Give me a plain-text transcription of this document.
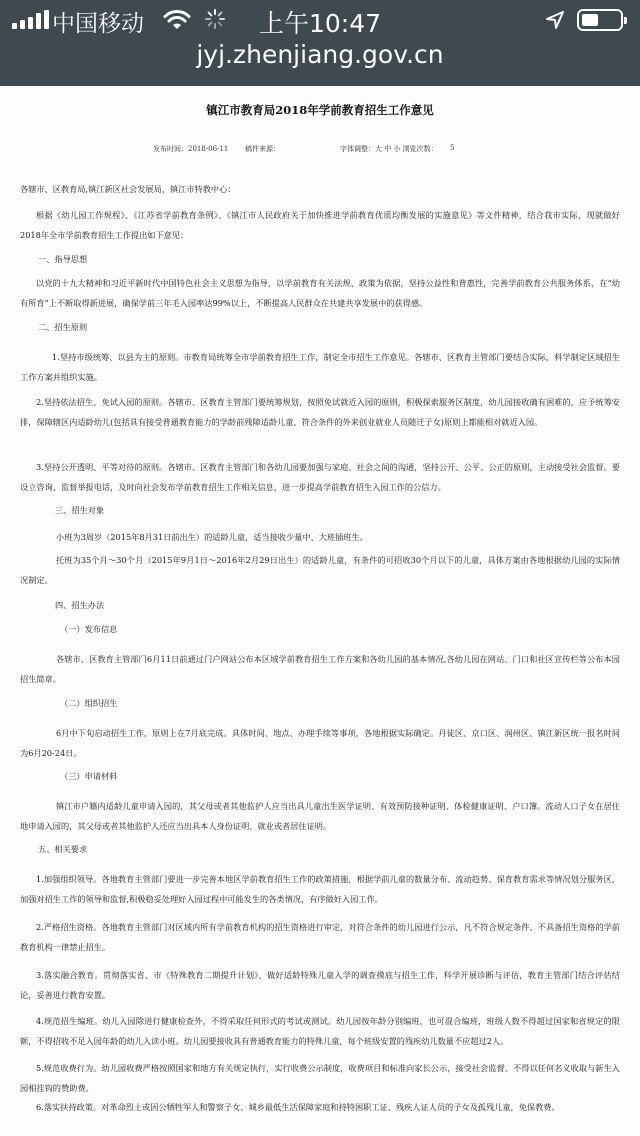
中国移动	上午10:47
jyj.zhenjiang.gov.cn
镇江市教育局2018年学前教育招生工作意见
发布时间：2018-06-11 稿件来源：	字体调整：大 中 小 浏览次数： 5

各辖市、区教育局,镇江新区社会发展局，镇江市特教中心：

根据《幼儿园工作规程》、《江苏省学前教育条例》、《镇江市人民政府关于加快推进学前教育优质均衡发展的实施意见》等文件精神，结合我市实际，现就做好2018年全市学前教育招生工作提出如下意见：

一、指导思想

以党的十九大精神和习近平新时代中国特色社会主义思想为指导，以学前教育有关法规、政策为依据，坚持公益性和普惠性，完善学前教育公共服务体系，在“幼有所育”上不断取得新进展，确保学前三年毛入园率达99%以上，不断提高人民群众在共建共享发展中的获得感。

二、招生原则

1.坚持市级统筹、以县为主的原则。市教育局统筹全市学前教育招生工作，制定全市招生工作意见。各辖市、区教育主管部门要结合实际，科学制定区域招生工作方案并组织实施。

2.坚持依法招生、免试入园的原则。各辖市、区教育主管部门要统筹规划，按照免试就近入园的原则，积极探索服务区制度，幼儿园接收确有困难的，应予统筹安排，保障辖区内适龄幼儿(包括具有接受普通教育能力的学龄前残障适龄儿童、符合条件的外来创业就业人员随迁子女)原则上都能相对就近入园。

3.坚持公开透明、平等对待的原则。各辖市、区教育主管部门和各幼儿园要加强与家庭、社会之间的沟通，坚持公开、公平、公正的原则，主动接受社会监督。要设立咨询、监督举报电话，及时向社会发布学前教育招生工作相关信息，进一步提高学前教育招生入园工作的公信力。

三、招生对象

小班为3周岁（2015年8月31日前出生）的适龄儿童，适当接收少量中、大班插班生。

托班为35个月～30个月（2015年9月1日～2016年2月29日出生）的适龄儿童，有条件的可招收30个月以下的儿童，具体方案由各地根据幼儿园的实际情况制定。

四、招生办法
（一）发布信息

各辖市、区教育主管部门6月11日前通过门户网站公布本区域学前教育招生工作方案和各幼儿园的基本情况,各幼儿园在网站、门口和社区宣传栏等公布本园招生简章。

（二）组织招生

6月中下旬启动招生工作，原则上在7月底完成。具体时间、地点、办理手续等事项，各地根据实际确定。丹徒区、京口区、润州区、镇江新区统一报名时间为6月20-24日。

（三）申请材料

镇江市户籍内适龄儿童申请入园的，其父母或者其他监护人应当出具儿童出生医学证明、有效预防接种证明、体检健康证明、户口簿。流动人口子女在居住地申请入园的，其父母或者其他监护人还应当出具本人身份证明、就业或者居住证明。

五、相关要求

1.加强组织领导。各地教育主管部门要进一步完善本地区学前教育招生工作的政策措施，根据学前儿童的数量分布、流动趋势、保育教育需求等情况划分服务区，加强对招生工作的领导和监督,积极稳妥处理好入园过程中可能发生的各类情况，有序做好入园工作。

2.严格招生资格。各地教育主管部门对区域内所有学前教育机构的招生资格进行审定，对符合条件的幼儿园进行公示，凡不符合规定条件、不具备招生资格的学前教育机构一律禁止招生。

3.落实融合教育。贯彻落实省、市《特殊教育二期提升计划》，做好适龄特殊儿童入学的调查摸底与招生工作，科学开展诊断与评估，教育主管部门结合评估结论，妥善进行教育安置。

4.规范招生编班。幼儿入园除进行健康检查外，不得采取任何形式的考试或测试。幼儿园按年龄分别编班，也可混合编班，班级人数不得超过国家和省规定的限额，不得招收不足入园年龄的幼儿入读小班。幼儿园要接收具有普通教育能力的特殊儿童，每个班级安置的残疾幼儿数量不应超过2人。

5.规范收费行为。幼儿园收费严格按照国家和地方有关规定执行，实行收费公示制度，收费项目和标准向家长公示，接受社会监督。不得以任何名义收取与新生入园相挂钩的赞助费。

6.落实扶持政策。对革命烈士或因公牺牲军人和警察子女、城乡最低生活保障家庭和持特困职工证、残疾人证人员的子女及孤残儿童，免保教费。
